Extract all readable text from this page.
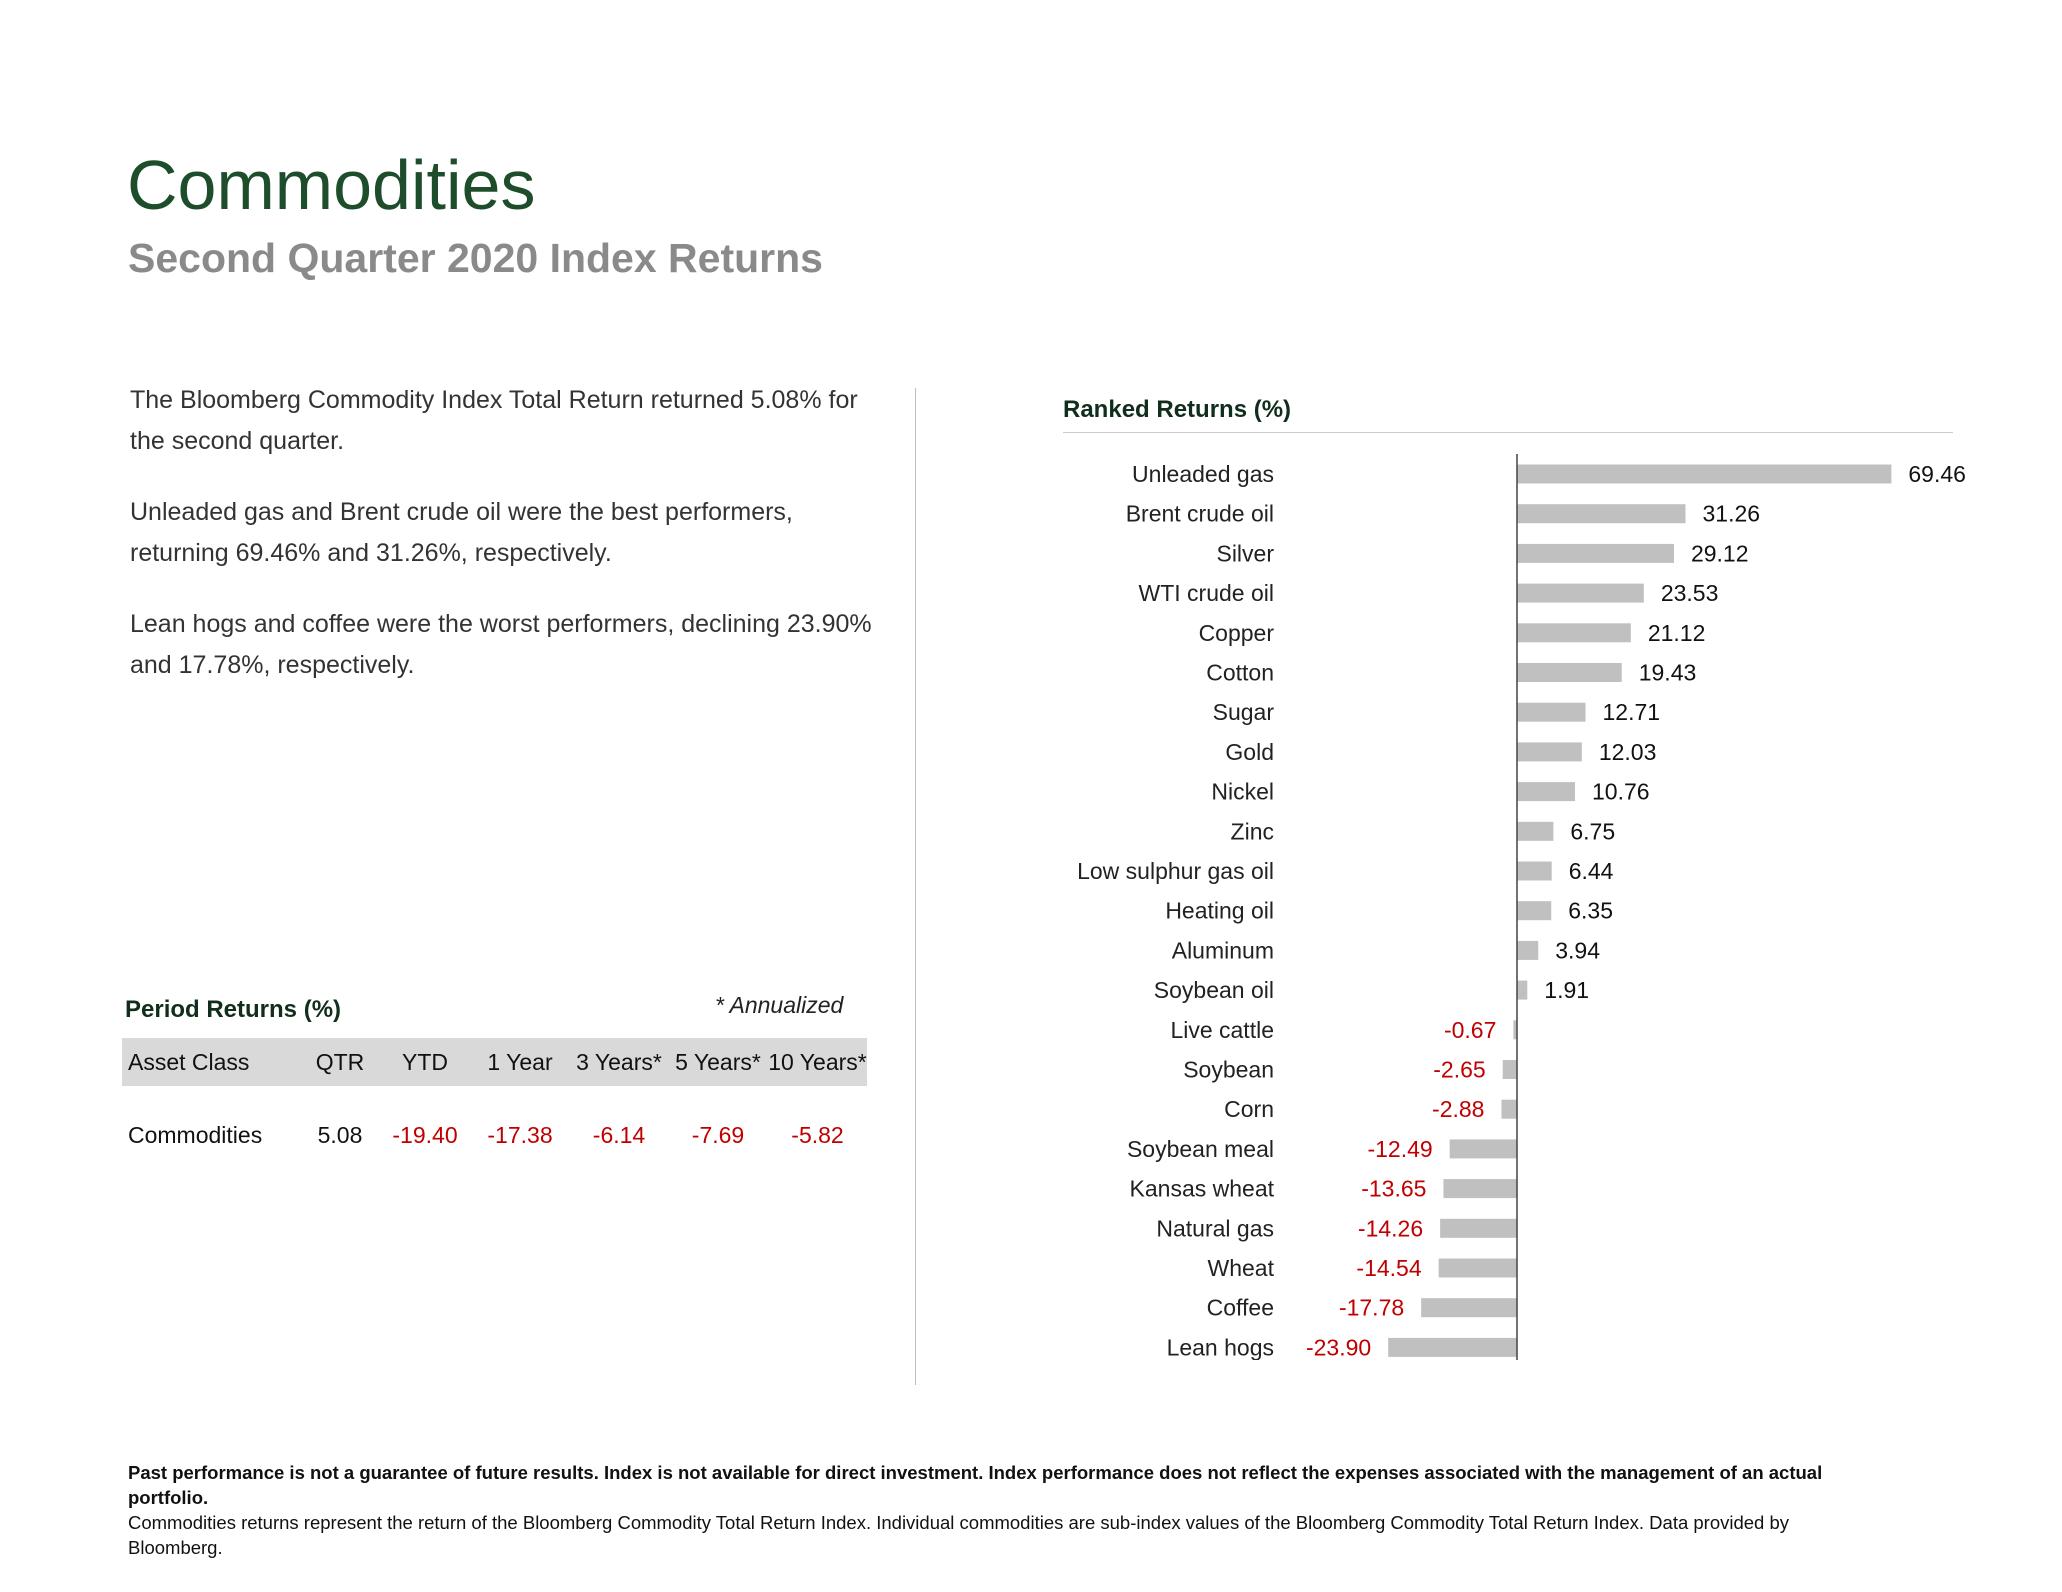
Commodities
Second Quarter 2020 Index Returns

The Bloomberg Commodity Index Total Return returned 5.08% for the second quarter.

Unleaded gas and Brent crude oil were the best performers, returning 69.46% and 31.26%, respectively.

Lean hogs and coffee were the worst performers, declining 23.90% and 17.78%, respectively.

Period Returns (%)	* Annualized
Asset Class	QTR	YTD	1 Year	3 Years*	5 Years*	10 Years*
Commodities	5.08	-19.40	-17.38	-6.14	-7.69	-5.82
Ranked Returns (%)
Unleaded gas	69.46
Brent crude oil	31.26
Silver	29.12
WTI crude oil	23.53
Copper	21.12
Cotton	19.43
Sugar	12.71
Gold	12.03
Nickel	10.76
Zinc	6.75
Low sulphur gas oil	6.44
Heating oil	6.35
Aluminum	3.94
Soybean oil	1.91
Live cattle	-0.67
Soybean	-2.65
Corn	-2.88
Soybean meal	-12.49
Kansas wheat	-13.65
Natural gas	-14.26
Wheat	-14.54
Coffee	-17.78
Lean hogs -23.90

Past performance is not a guarantee of future results. Index is not available for direct investment. Index performance does not reflect the expenses associated with the management of an actual portfolio.

Commodities returns represent the return of the Bloomberg Commodity Total Return Index. Individual commodities are sub-index values of the Bloomberg Commodity Total Return Index. Data provided by Bloomberg.
